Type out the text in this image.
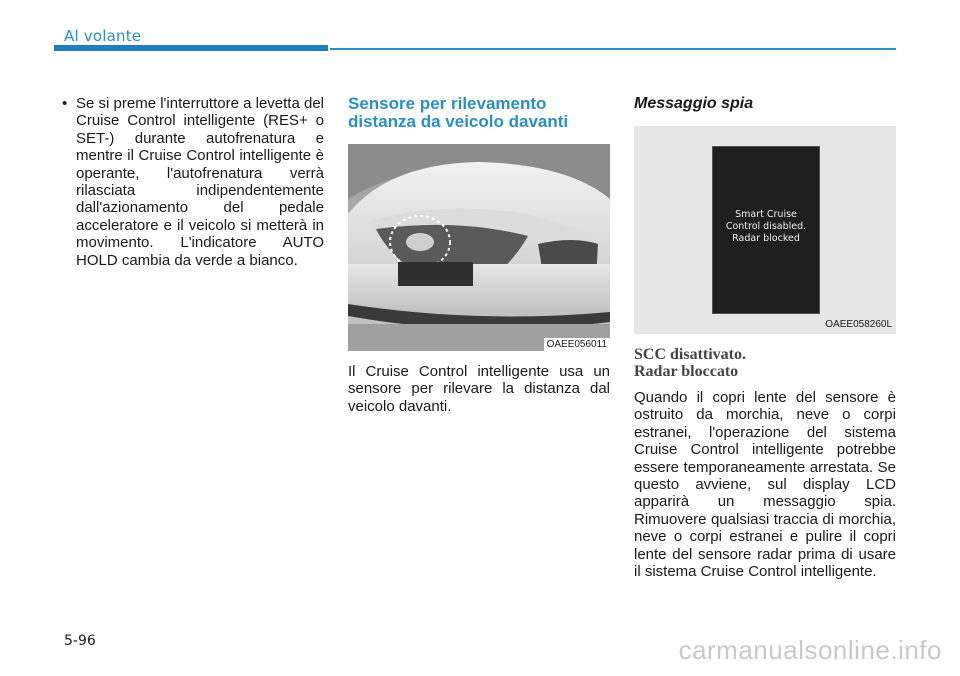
Al volante
• Se si preme l'interruttore a levetta del Cruise Control intelligente (RES+ o SET-) durante autofrenatura e mentre il Cruise Control intelligente è operante, l'autofrenatura verrà rilasciata indipendentemente dall'azionamento del pedale acceleratore e il veicolo si metterà in movimento. L'indicatore AUTO HOLD cambia da verde a bianco.
Sensore per rilevamento
distanza da veicolo davanti
OAEE056011

Il Cruise Control intelligente usa un sensore per rilevare la distanza dal veicolo davanti.

Messaggio spia
Smart Cruise
Control disabled.
Radar blocked
OAEE058260L

SCC disattivato.

Radar bloccato

Quando il copri lente del sensore è ostruito da morchia, neve o corpi estranei, l'operazione del sistema Cruise Control intelligente potrebbe essere temporaneamente arrestata. Se questo avviene, sul display LCD apparirà un messaggio spia. Rimuovere qualsiasi traccia di morchia, neve o corpi estranei e pulire il copri lente del sensore radar prima di usare il sistema Cruise Control intelligente.

5-96	carmanualsonline.info
